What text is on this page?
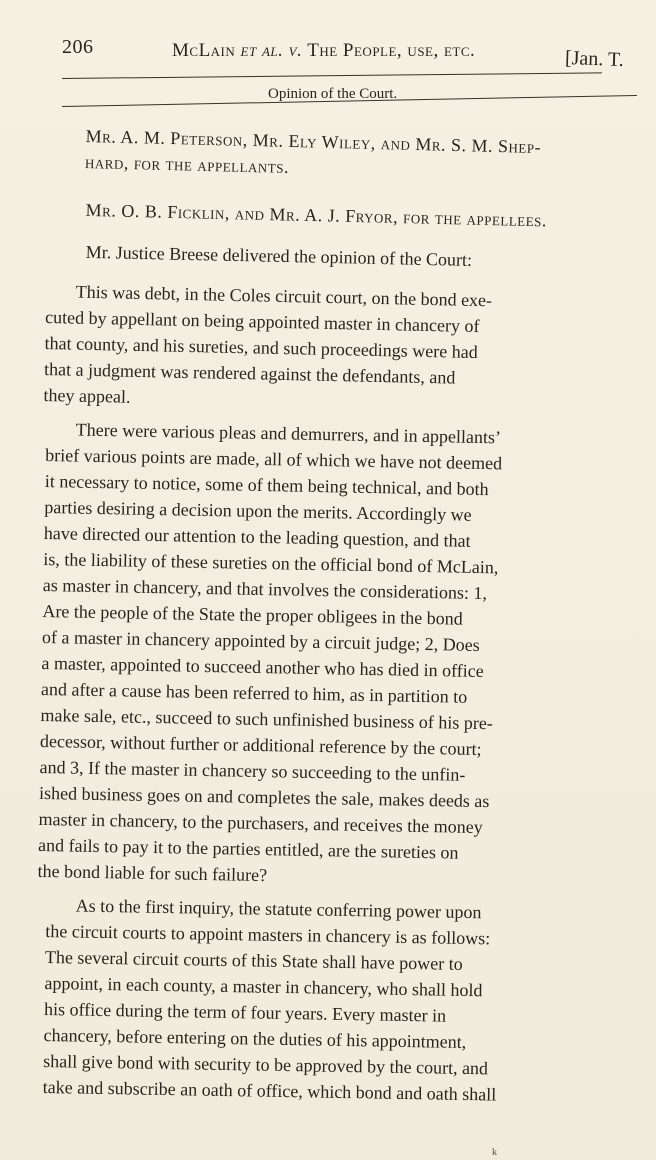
206	McLain et al. v. The People, use, etc.	[Jan. T.
Opinion of the Court.

Mr. A. M. Peterson, Mr. Ely Wiley, and Mr. S. M. Shep-
hard, for the appellants.

Mr. O. B. Ficklin, and Mr. A. J. Fryor, for the appellees.

Mr. Justice Breese delivered the opinion of the Court:

This was debt, in the Coles circuit court, on the bond exe-
cuted by appellant on being appointed master in chancery of
that county, and his sureties, and such proceedings were had
that a judgment was rendered against the defendants, and
they appeal.

There were various pleas and demurrers, and in appellants’
brief various points are made, all of which we have not deemed
it necessary to notice, some of them being technical, and both
parties desiring a decision upon the merits. Accordingly we
have directed our attention to the leading question, and that
is, the liability of these sureties on the official bond of McLain,
as master in chancery, and that involves the considerations: 1,
Are the people of the State the proper obligees in the bond
of a master in chancery appointed by a circuit judge; 2, Does
a master, appointed to succeed another who has died in office
and after a cause has been referred to him, as in partition to
make sale, etc., succeed to such unfinished business of his pre-
decessor, without further or additional reference by the court;
and 3, If the master in chancery so succeeding to the unfin-
ished business goes on and completes the sale, makes deeds as
master in chancery, to the purchasers, and receives the money
and fails to pay it to the parties entitled, are the sureties on
the bond liable for such failure?

As to the first inquiry, the statute conferring power upon
the circuit courts to appoint masters in chancery is as follows:
The several circuit courts of this State shall have power to
appoint, in each county, a master in chancery, who shall hold
his office during the term of four years. Every master in
chancery, before entering on the duties of his appointment,
shall give bond with security to be approved by the court, and
take and subscribe an oath of office, which bond and oath shall

k
